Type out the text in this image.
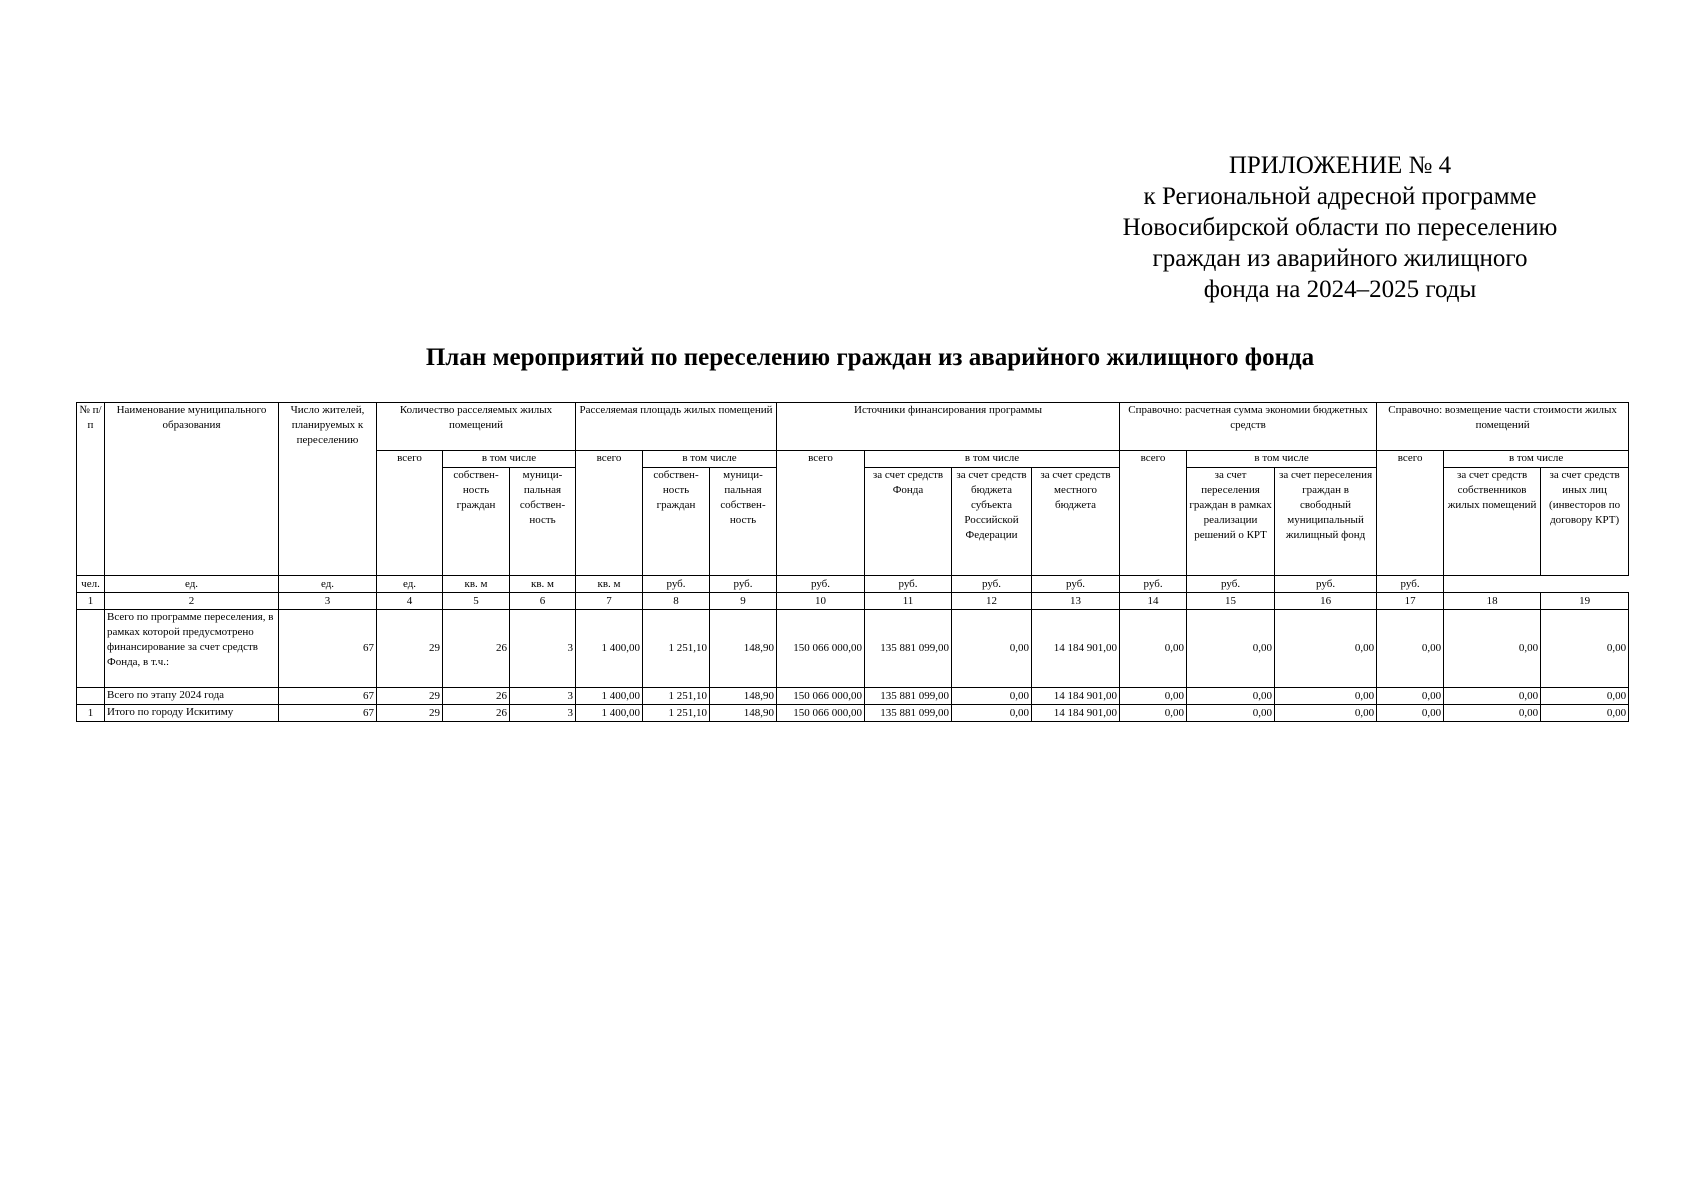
ПРИЛОЖЕНИЕ № 4
к Региональной адресной программе
Новосибирской области по переселению
граждан из аварийного жилищного
фонда на 2024–2025 годы
План мероприятий по переселению граждан из аварийного жилищного фонда
№ п/п	Наименование муниципального образования	Число жителей, планируемых к переселению	Количество расселяемых жилых помещений			Расселяемая площадь жилых помещений			Источники финансирования программы				Справочно: расчетная сумма экономии бюджетных средств			Справочно: возмещение части стоимости жилых помещений		
			всего	в том числе		всего	в том числе		всего	в том числе			всего	в том числе		всего	в том числе	
				собствен-ность граждан	муници-пальная собствен-ность		собствен-ность граждан	муници-пальная собствен-ность		за счет средств Фонда	за счет средств бюджета субъекта Российской Федерации	за счет средств местного бюджета		за счет переселения граждан в рамках реализации решений о КРТ	за счет переселения граждан в свободный муниципальный жилищный фонд		за счет средств собственников жилых помещений	за счет средств иных лиц (инвесторов по договору КРТ)
чел.	ед.	ед.	ед.	кв. м	кв. м	кв. м	руб.	руб.	руб.	руб.	руб.	руб.	руб.	руб.	руб.	руб.		
1	2	3	4	5	6	7	8	9	10	11	12	13	14	15	16	17	18	19
	Всего по программе переселения, в рамках которой предусмотрено финансирование за счет средств Фонда, в т.ч.:	67	29	26	3	1 400,00	1 251,10	148,90	150 066 000,00	135 881 099,00	0,00	14 184 901,00	0,00	0,00	0,00	0,00	0,00	0,00
	Всего по этапу 2024 года	67	29	26	3	1 400,00	1 251,10	148,90	150 066 000,00	135 881 099,00	0,00	14 184 901,00	0,00	0,00	0,00	0,00	0,00	0,00
1	Итого по городу Искитиму	67	29	26	3	1 400,00	1 251,10	148,90	150 066 000,00	135 881 099,00	0,00	14 184 901,00	0,00	0,00	0,00	0,00	0,00	0,00
